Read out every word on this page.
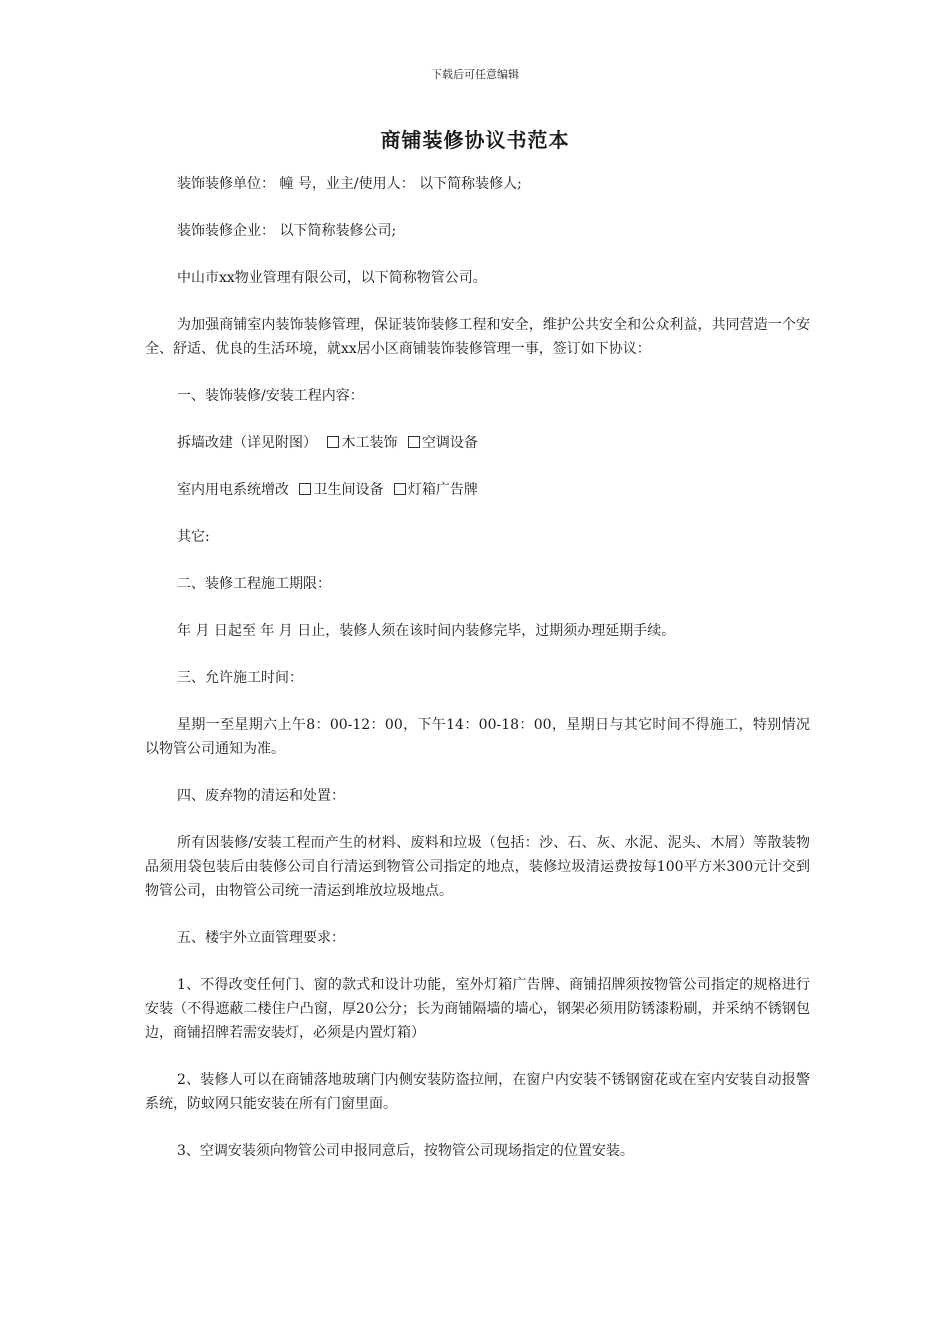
下载后可任意编辑
商铺装修协议书范本

装饰装修单位： 幢 号，业主/使用人： 以下简称装修人;

装饰装修企业： 以下简称装修公司;

中山市xx物业管理有限公司，以下简称物管公司。

为加强商铺室内装饰装修管理，保证装饰装修工程和安全，维护公共安全和公众利益，共同营造一个安全、舒适、优良的生活环境，就xx居小区商铺装饰装修管理一事，签订如下协议：

一、装饰装修/安装工程内容：

拆墙改建（详见附图） 木工装饰 空调设备

室内用电系统增改 卫生间设备 灯箱广告牌

其它:

二、装修工程施工期限：

年 月 日起至 年 月 日止，装修人须在该时间内装修完毕，过期须办理延期手续。

三、允许施工时间：

星期一至星期六上午8：00-12：00，下午14：00-18：00，星期日与其它时间不得施工，特别情况以物管公司通知为准。

四、废弃物的清运和处置：

所有因装修/安装工程而产生的材料、废料和垃圾（包括：沙、石、灰、水泥、泥头、木屑）等散装物品须用袋包装后由装修公司自行清运到物管公司指定的地点，装修垃圾清运费按每100平方米300元计交到物管公司，由物管公司统一清运到堆放垃圾地点。

五、楼宇外立面管理要求：

1、不得改变任何门、窗的款式和设计功能，室外灯箱广告牌、商铺招牌须按物管公司指定的规格进行安装（不得遮蔽二楼住户凸窗，厚20公分；长为商铺隔墙的墙心，钢架必须用防锈漆粉刷，并采纳不锈钢包边，商铺招牌若需安装灯，必须是内置灯箱）

2、装修人可以在商铺落地玻璃门内侧安装防盗拉闸，在窗户内安装不锈钢窗花或在室内安装自动报警系统，防蚊网只能安装在所有门窗里面。

3、空调安装须向物管公司申报同意后，按物管公司现场指定的位置安装。
